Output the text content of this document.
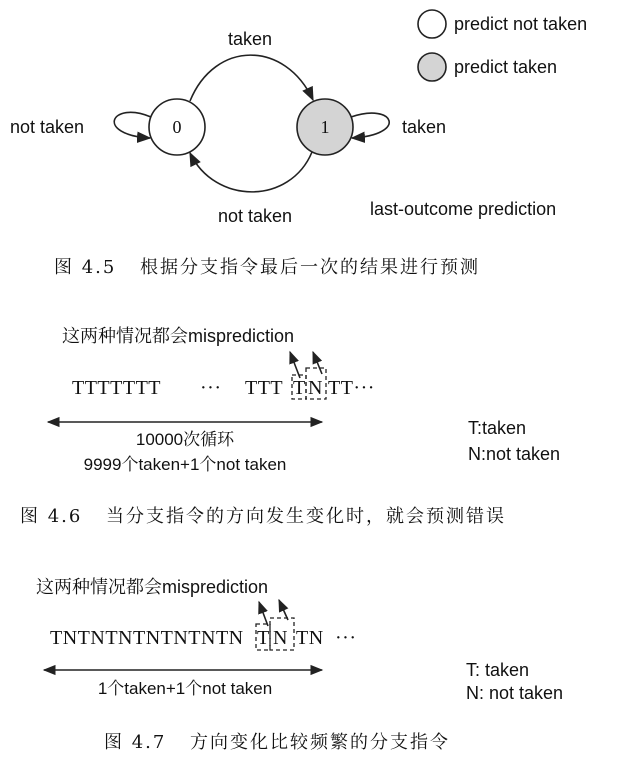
predict not taken
predict taken
0	1
taken
not taken
not taken	taken
last-outcome prediction
图 4.5 根据分支指令最后一次的结果进行预测
这两种情况都会misprediction
TTTTTTT ··· TTT T N TT···
10000次循环
9999个taken+1个not taken
T:taken
N:not taken
图 4.6 当分支指令的方向发生变化时，就会预测错误
这两种情况都会misprediction
TNTNTNTNTNTNTN T N TN ···
1个taken+1个not taken
T: taken
N: not taken
图 4.7 方向变化比较频繁的分支指令
